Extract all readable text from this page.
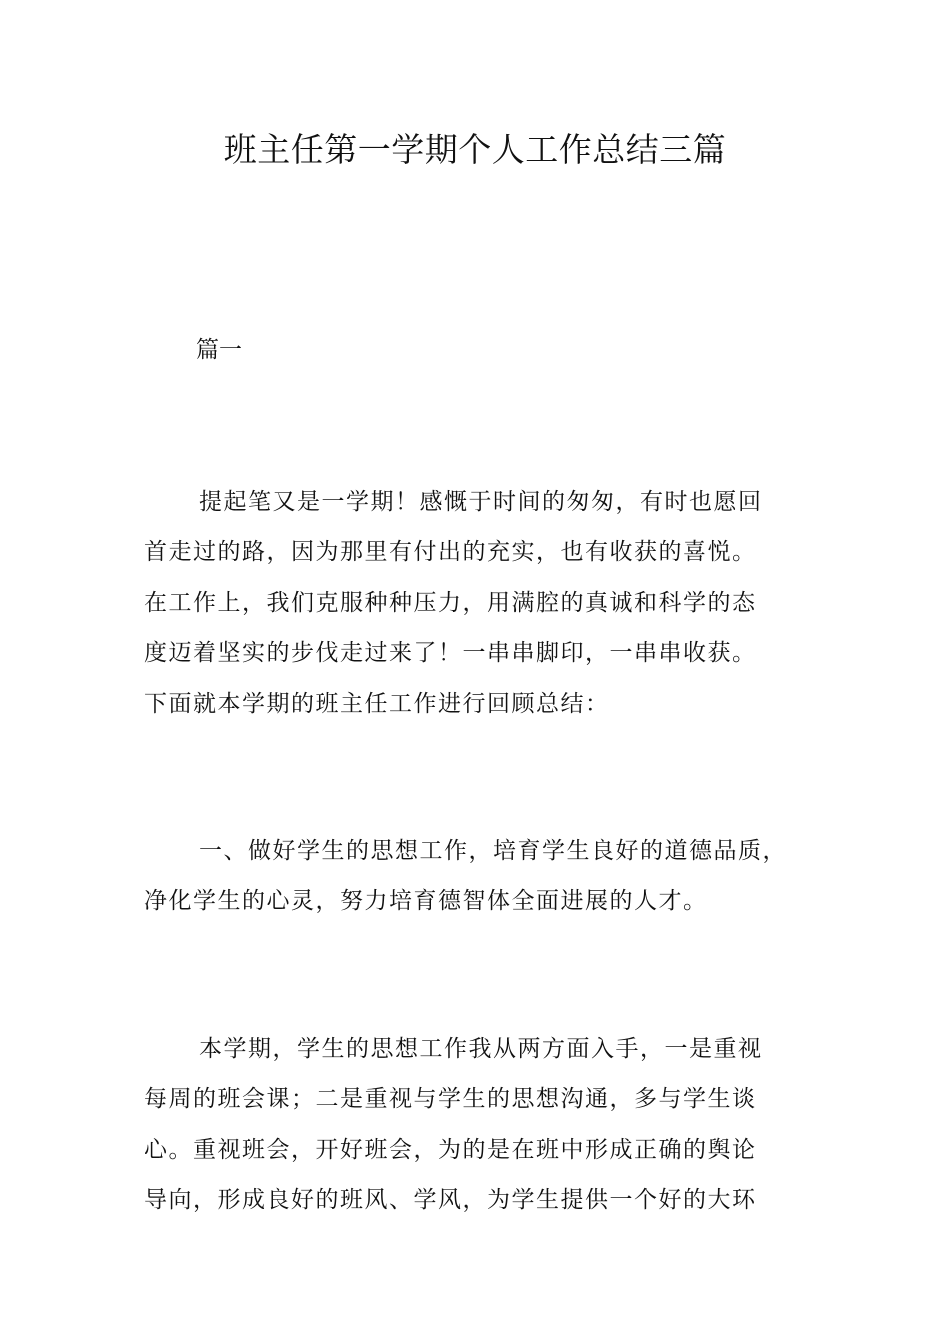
班主任第一学期个人工作总结三篇

篇一

提起笔又是一学期！感慨于时间的匆匆，有时也愿回
首走过的路，因为那里有付出的充实，也有收获的喜悦。
在工作上，我们克服种种压力，用满腔的真诚和科学的态
度迈着坚实的步伐走过来了！一串串脚印，一串串收获。
下面就本学期的班主任工作进行回顾总结：

一、做好学生的思想工作，培育学生良好的道德品质，
净化学生的心灵，努力培育德智体全面进展的人才。

本学期，学生的思想工作我从两方面入手，一是重视
每周的班会课；二是重视与学生的思想沟通，多与学生谈
心。重视班会，开好班会，为的是在班中形成正确的舆论
导向，形成良好的班风、学风，为学生提供一个好的大环
